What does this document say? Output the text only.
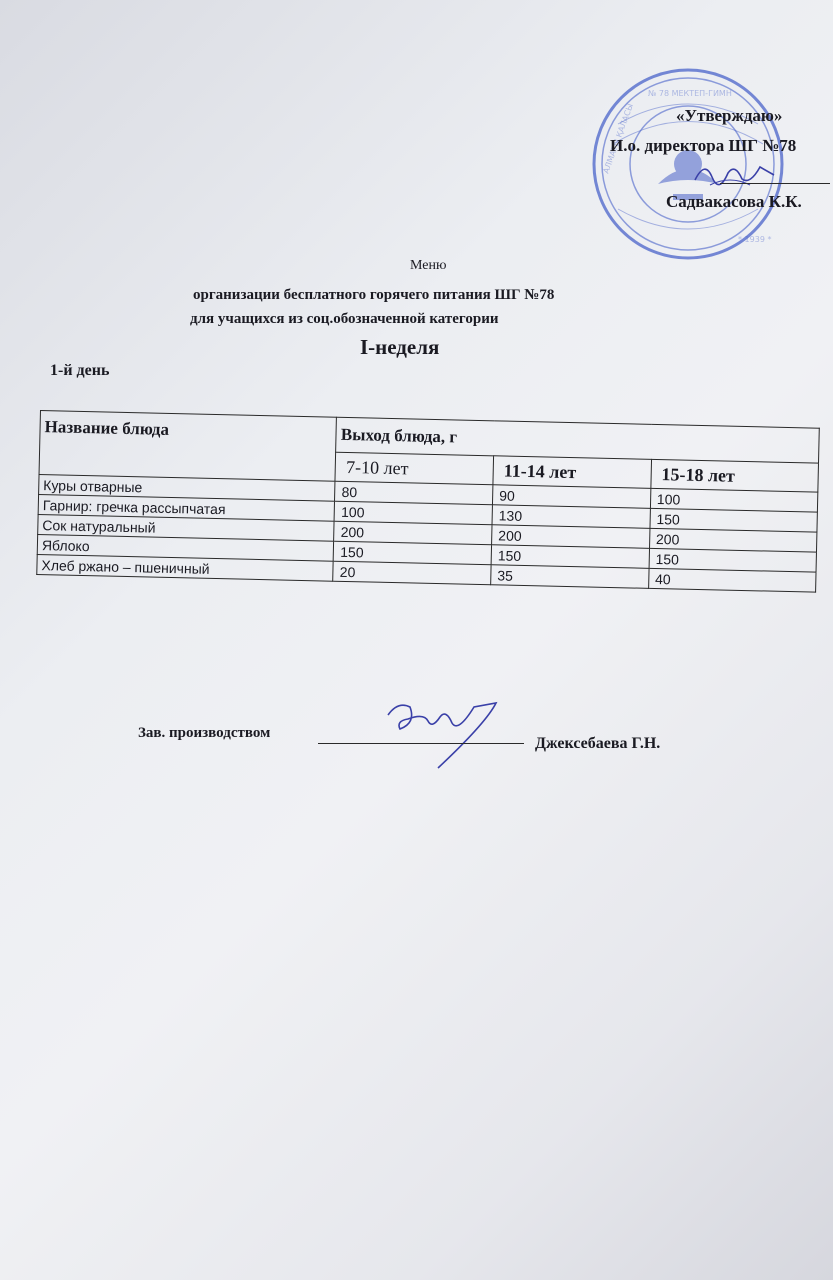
№ 78 МЕКТЕП-ГИМН
АЛМАТЫ ҚАЛАСЫ
* 1939 *
«Утверждаю»
И.о. директора ШГ №78
Садвакасова К.К.
Меню
организации бесплатного горячего питания ШГ №78
для учащихся из соц.обозначенной категории
I-неделя
1-й день
Название блюда	Выход блюда, г		
	7-10 лет	11-14 лет	15-18 лет
Куры отварные	80	90	100
Гарнир: гречка рассыпчатая	100	130	150
Сок натуральный	200	200	200
Яблоко	150	150	150
Хлеб ржано – пшеничный	20	35	40
Зав. производством
Джексебаева Г.Н.
